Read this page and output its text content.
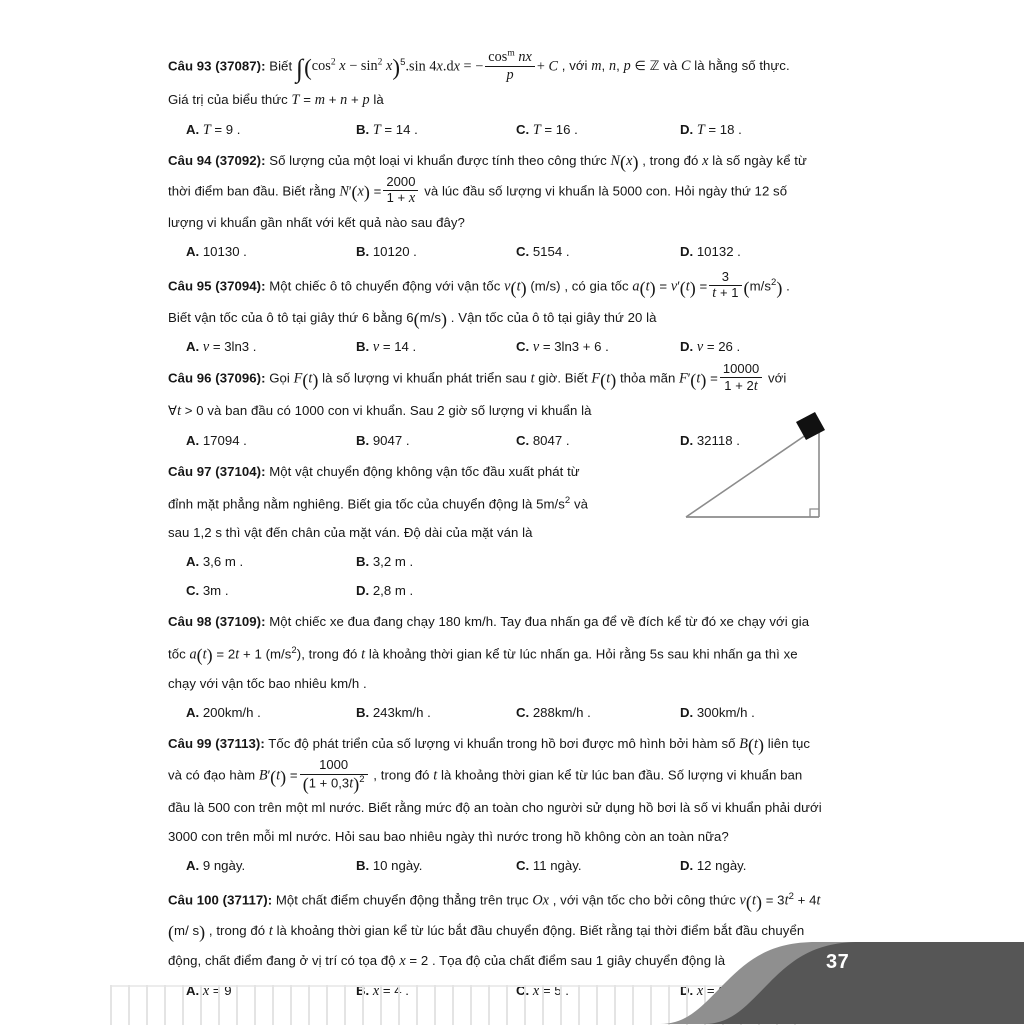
Câu 93 (37087): Biết $\int(\cos^2$ $x - \sin^2 x)^5.\sin$ 4x.dx = − $\frac{\cos^m nx}{p} + C$ , với m, n, p ∈ ℤ và C là hằng số thực.
Giá trị của biểu thức T = m + n + p là
A. T = 9 .	B. T = 14 .	C. T = 16 .	D. T = 18 .
Câu 94 (37092): Số lượng của một loại vi khuẩn được tính theo công thức N(x) , trong đó x là số ngày kể từ
thời điểm ban đầu. Biết rằng $N'(x) = \frac{2000}{1 + x}$ và lúc đầu số lượng vi khuẩn là 5000 con. Hỏi ngày thứ 12 số
lượng vi khuẩn gần nhất với kết quả nào sau đây?
A. 10130 .	B. 10120 .	C. 5154 .	D. 10132 .
Câu 95 (37094): Một chiếc ô tô chuyển động với vận tốc v(t) (m/s) , có gia tốc $a(t) = v'(t) = \frac{3}{t + 1} (m/s^2)$ .
Biết vận tốc của ô tô tại giây thứ 6 bằng 6(m/s) . Vận tốc của ô tô tại giây thứ 20 là
A. v = 3ln3 .	B. v = 14 .	C. v = 3ln3 + 6 .	D. v = 26 .
Câu 96 (37096): Gọi F(t) là số lượng vi khuẩn phát triển sau t giờ. Biết F(t) thỏa mãn $F'(t) = \frac{10000}{1 + 2t}$ với
∀t > 0 và ban đầu có 1000 con vi khuẩn. Sau 2 giờ số lượng vi khuẩn là
A. 17094 .	B. 9047 .	C. 8047 .	D. 32118 .
Câu 97 (37104): Một vật chuyển động không vận tốc đầu xuất phát từ
đỉnh mặt phẳng nằm nghiêng. Biết gia tốc của chuyển động là $5m/s^2$ và
sau 1,2 s thì vật đến chân của mặt ván. Độ dài của mặt ván là
A. 3,6 m .	B. 3,2 m .
C. 3m .	D. 2,8 m .
Câu 98 (37109): Một chiếc xe đua đang chạy 180 km/h. Tay đua nhấn ga để về đích kể từ đó xe chạy với gia
tốc a(t) = 2t + 1 $(m/s^2)$, trong đó t là khoảng thời gian kể từ lúc nhấn ga. Hỏi rằng 5s sau khi nhấn ga thì xe
chạy với vận tốc bao nhiêu km/h .
A. 200km/h .	B. 243km/h .	C. 288km/h .	D. 300km/h .
Câu 99 (37113): Tốc độ phát triển của số lượng vi khuẩn trong hồ bơi được mô hình bởi hàm số B(t) liên tục
và có đạo hàm $B'(t) = \frac{1000}{(1 + 0,3t)^2}$ , trong đó t là khoảng thời gian kể từ lúc ban đầu. Số lượng vi khuẩn ban
đầu là 500 con trên một ml nước. Biết rằng mức độ an toàn cho người sử dụng hồ bơi là số vi khuẩn phải dưới
3000 con trên mỗi ml nước. Hỏi sau bao nhiêu ngày thì nước trong hồ không còn an toàn nữa?
A. 9 ngày.	B. 10 ngày.	C. 11 ngày.	D. 12 ngày.
Câu 100 (37117): Một chất điểm chuyển động thẳng trên trục Ox , với vận tốc cho bởi công thức $v(t) = 3t^2 + 4t$
(m/ s) , trong đó t là khoảng thời gian kể từ lúc bắt đầu chuyển động. Biết rằng tại thời điểm bắt đầu chuyển
động, chất điểm đang ở vị trí có tọa độ x = 2 . Tọa độ của chất điểm sau 1 giây chuyển động là	37
